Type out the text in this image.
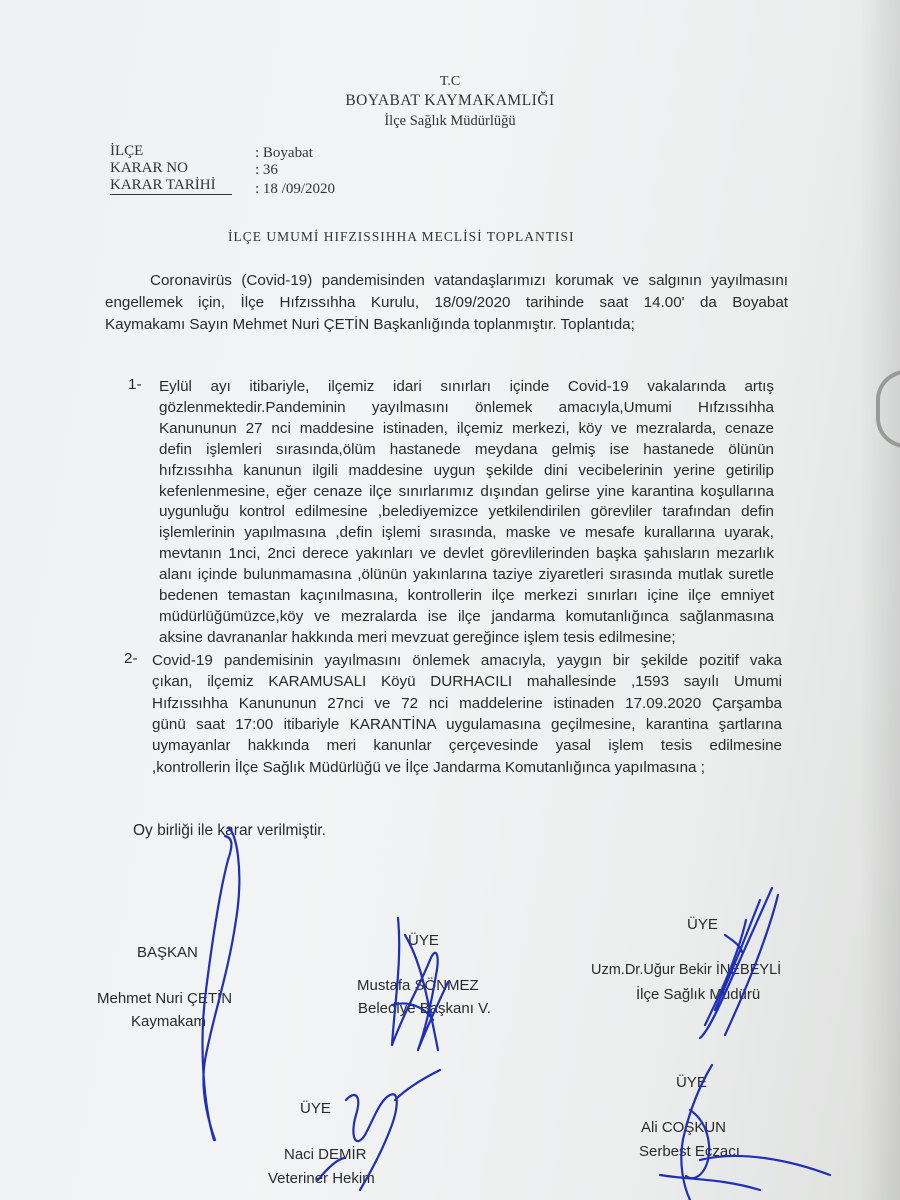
T.C
BOYABAT KAYMAKAMLIĞI
İlçe Sağlık Müdürlüğü
İLÇE	: Boyabat
KARAR NO	: 36
KARAR TARİHİ	: 18 /09/2020
İLÇE UMUMİ HIFZISSIHHA MECLİSİ TOPLANTISI
Coronavirüs (Covid-19) pandemisinden vatandaşlarımızı korumak ve salgının yayılmasını
engellemek için, İlçe Hıfzıssıhha Kurulu, 18/09/2020 tarihinde saat 14.00' da Boyabat
Kaymakamı Sayın Mehmet Nuri ÇETİN Başkanlığında toplanmıştır. Toplantıda;
1- Eylül ayı itibariyle, ilçemiz idari sınırları içinde Covid-19 vakalarında artış
gözlenmektedir.Pandeminin yayılmasını önlemek amacıyla,Umumi Hıfzıssıhha
Kanununun 27 nci maddesine istinaden, ilçemiz merkezi, köy ve mezralarda, cenaze
defin işlemleri sırasında,ölüm hastanede meydana gelmiş ise hastanede ölünün
hıfzıssıhha kanunun ilgili maddesine uygun şekilde dini vecibelerinin yerine getirilip
kefenlenmesine, eğer cenaze ilçe sınırlarımız dışından gelirse yine karantina koşullarına
uygunluğu kontrol edilmesine ,belediyemizce yetkilendirilen görevliler tarafından defin
işlemlerinin yapılmasına ,defin işlemi sırasında, maske ve mesafe kurallarına uyarak,
mevtanın 1nci, 2nci derece yakınları ve devlet görevlilerinden başka şahısların mezarlık
alanı içinde bulunmamasına ,ölünün yakınlarına taziye ziyaretleri sırasında mutlak suretle
bedenen temastan kaçınılmasına, kontrollerin ilçe merkezi sınırları içine ilçe emniyet
müdürlüğümüzce,köy ve mezralarda ise ilçe jandarma komutanlığınca sağlanmasına
aksine davrananlar hakkında meri mevzuat gereğince işlem tesis edilmesine;
2- Covid-19 pandemisinin yayılmasını önlemek amacıyla, yaygın bir şekilde pozitif vaka
çıkan, ilçemiz KARAMUSALI Köyü DURHACILI mahallesinde ,1593 sayılı Umumi
Hıfzıssıhha Kanununun 27nci ve 72 nci maddelerine istinaden 17.09.2020 Çarşamba
günü saat 17:00 itibariyle KARANTİNA uygulamasına geçilmesine, karantina şartlarına
uymayanlar hakkında meri kanunlar çerçevesinde yasal işlem tesis edilmesine
,kontrollerin İlçe Sağlık Müdürlüğü ve İlçe Jandarma Komutanlığınca yapılmasına ;
Oy birliği ile karar verilmiştir.
BAŞKAN
Mehmet Nuri ÇETİN
Kaymakam
ÜYE
Mustafa SÖNMEZ
Belediye Başkanı V.
ÜYE
Uzm.Dr.Uğur Bekir İNEBEYLİ
İlçe Sağlık Müdürü
ÜYE
Naci DEMİR
Veteriner Hekim
ÜYE
Ali COŞKUN
Serbest Eczacı
